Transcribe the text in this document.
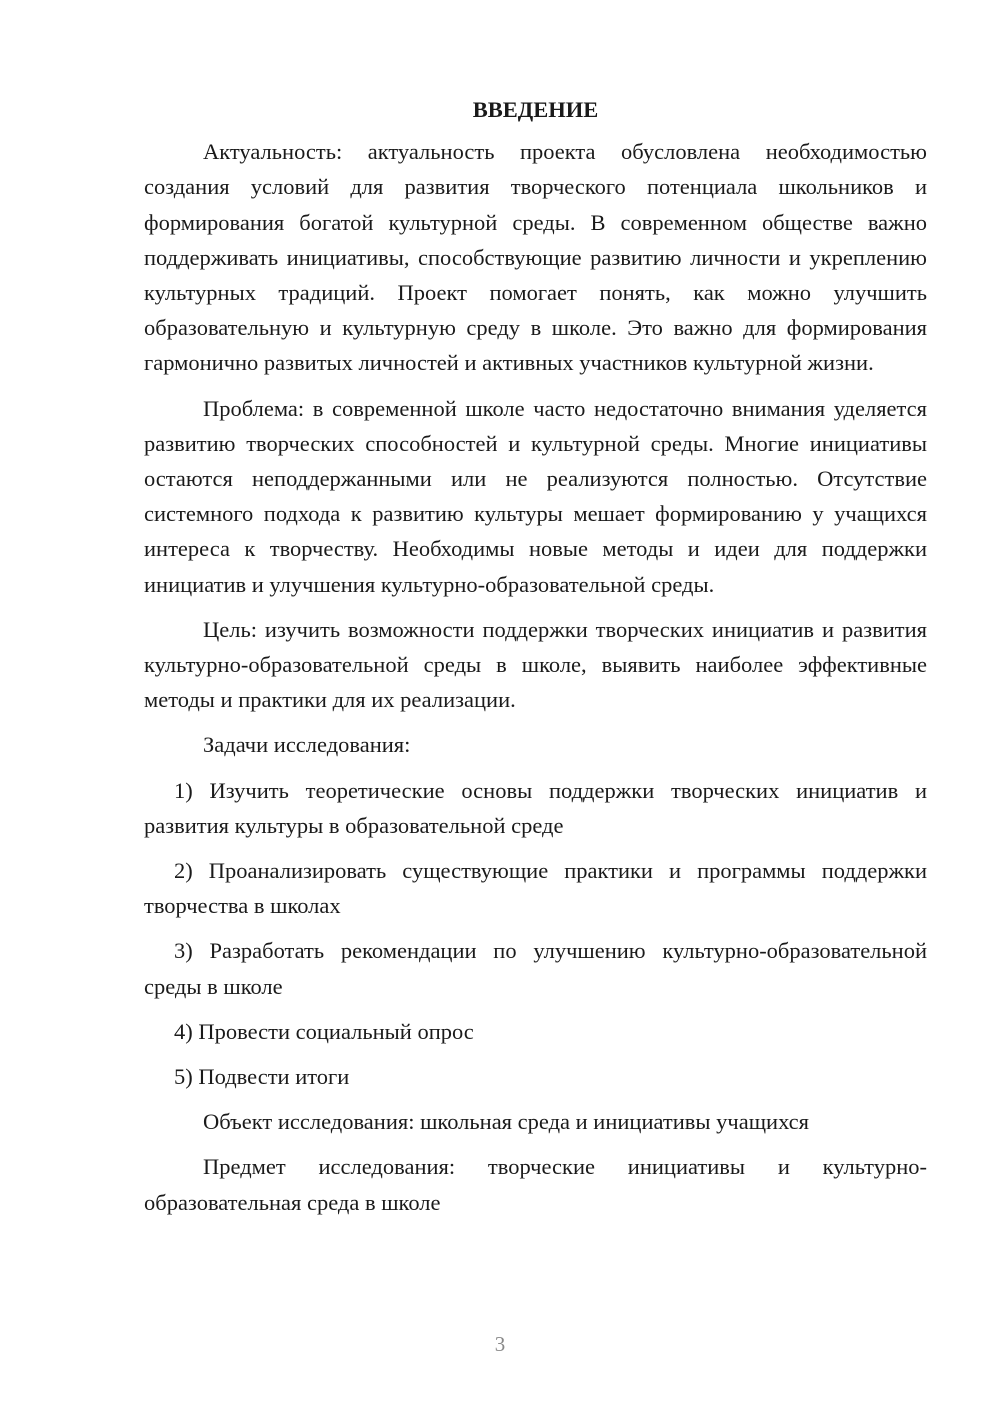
ВВЕДЕНИЕ

Актуальность: актуальность проекта обусловлена необходимостью создания условий для развития творческого потенциала школьников и формирования богатой культурной среды. В современном обществе важно поддерживать инициативы, способствующие развитию личности и укреплению культурных традиций. Проект помогает понять, как можно улучшить образовательную и культурную среду в школе. Это важно для формирования гармонично развитых личностей и активных участников культурной жизни.

Проблема: в современной школе часто недостаточно внимания уделяется развитию творческих способностей и культурной среды. Многие инициативы остаются неподдержанными или не реализуются полностью. Отсутствие системного подхода к развитию культуры мешает формированию у учащихся интереса к творчеству. Необходимы новые методы и идеи для поддержки инициатив и улучшения культурно-образовательной среды.

Цель: изучить возможности поддержки творческих инициатив и развития культурно-образовательной среды в школе, выявить наиболее эффективные методы и практики для их реализации.

Задачи исследования:

1) Изучить теоретические основы поддержки творческих инициатив и развития культуры в образовательной среде

2) Проанализировать существующие практики и программы поддержки творчества в школах

3) Разработать рекомендации по улучшению культурно-образовательной среды в школе

4) Провести социальный опрос

5) Подвести итоги

Объект исследования: школьная среда и инициативы учащихся

Предмет исследования: творческие инициативы и культурно-образовательная среда в школе

3
